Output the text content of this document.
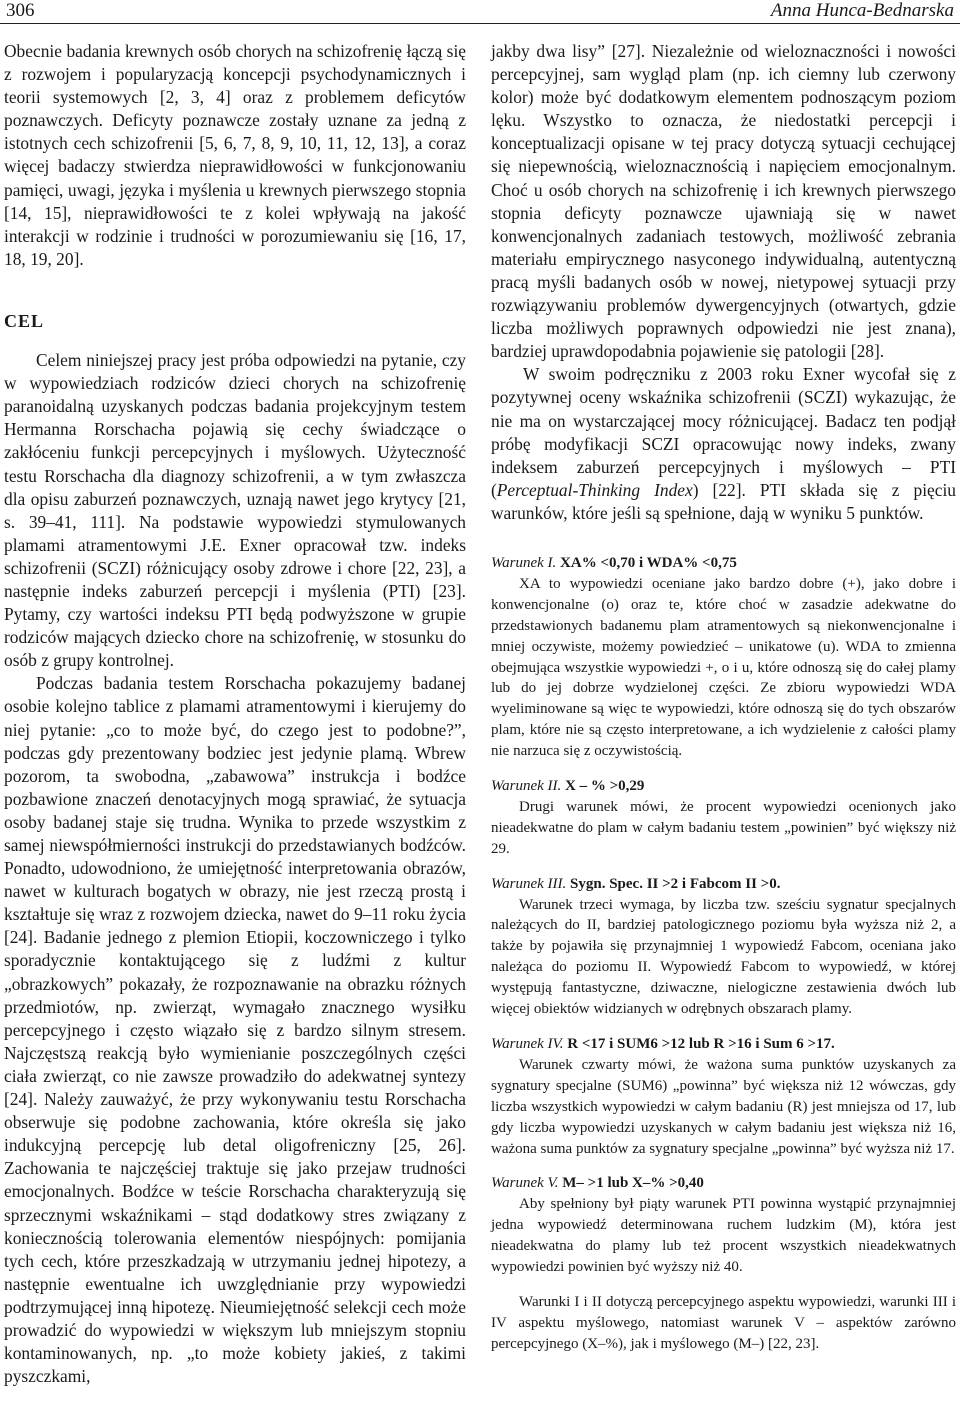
306	Anna Hunca-Bednarska

Obecnie badania krewnych osób chorych na schizofrenię łączą się z rozwojem i popularyzacją koncepcji psychodynamicznych i teorii systemowych [2, 3, 4] oraz z problemem deficytów poznawczych. Deficyty poznawcze zostały uznane za jedną z istotnych cech schizofrenii [5, 6, 7, 8, 9, 10, 11, 12, 13], a coraz więcej badaczy stwierdza nieprawidłowości w funkcjonowaniu pamięci, uwagi, języka i myślenia u krewnych pierwszego stopnia [14, 15], nieprawidłowości te z kolei wpływają na jakość interakcji w rodzinie i trudności w porozumiewaniu się [16, 17, 18, 19, 20].

CEL

Celem niniejszej pracy jest próba odpowiedzi na pytanie, czy w wypowiedziach rodziców dzieci chorych na schizofrenię paranoidalną uzyskanych podczas badania projekcyjnym testem Hermanna Rorschacha pojawią się cechy świadczące o zakłóceniu funkcji percepcyjnych i myślowych. Użyteczność testu Rorschacha dla diagnozy schizofrenii, a w tym zwłaszcza dla opisu zaburzeń poznawczych, uznają nawet jego krytycy [21, s. 39–41, 111]. Na podstawie wypowiedzi stymulowanych plamami atramentowymi J.E. Exner opracował tzw. indeks schizofrenii (SCZI) różnicujący osoby zdrowe i chore [22, 23], a następnie indeks zaburzeń percepcji i myślenia (PTI) [23]. Pytamy, czy wartości indeksu PTI będą podwyższone w grupie rodziców mających dziecko chore na schizofrenię, w stosunku do osób z grupy kontrolnej.

Podczas badania testem Rorschacha pokazujemy badanej osobie kolejno tablice z plamami atramentowymi i kierujemy do niej pytanie: „co to może być, do czego jest to podobne?”, podczas gdy prezentowany bodziec jest jedynie plamą. Wbrew pozorom, ta swobodna, „zabawowa” instrukcja i bodźce pozbawione znaczeń denotacyjnych mogą sprawiać, że sytuacja osoby badanej staje się trudna. Wynika to przede wszystkim z samej niewspółmierności instrukcji do przedstawianych bodźców. Ponadto, udowodniono, że umiejętność interpretowania obrazów, nawet w kulturach bogatych w obrazy, nie jest rzeczą prostą i kształtuje się wraz z rozwojem dziecka, nawet do 9–11 roku życia [24]. Badanie jednego z plemion Etiopii, koczowniczego i tylko sporadycznie kontaktującego się z ludźmi z kultur „obrazkowych” pokazały, że rozpoznawanie na obrazku różnych przedmiotów, np. zwierząt, wymagało znacznego wysiłku percepcyjnego i często wiązało się z bardzo silnym stresem. Najczęstszą reakcją było wymienianie poszczególnych części ciała zwierząt, co nie zawsze prowadziło do adekwatnej syntezy [24]. Należy zauważyć, że przy wykonywaniu testu Rorschacha obserwuje się podobne zachowania, które określa się jako indukcyjną percepcję lub detal oligofreniczny [25, 26]. Zachowania te najczęściej traktuje się jako przejaw trudności emocjonalnych. Bodźce w teście Rorschacha charakteryzują się sprzecznymi wskaźnikami – stąd dodatkowy stres związany z koniecznością tolerowania elementów niespójnych: pomijania tych cech, które przeszkadzają w utrzymaniu jednej hipotezy, a następnie ewentualne ich uwzględnianie przy wypowiedzi podtrzymującej inną hipotezę. Nieumiejętność selekcji cech może prowadzić do wypowiedzi w większym lub mniejszym stopniu kontaminowanych, np. „to może kobiety jakieś, z takimi pyszczkami,

jakby dwa lisy” [27]. Niezależnie od wieloznaczności i nowości percepcyjnej, sam wygląd plam (np. ich ciemny lub czerwony kolor) może być dodatkowym elementem podnoszącym poziom lęku. Wszystko to oznacza, że niedostatki percepcji i konceptualizacji opisane w tej pracy dotyczą sytuacji cechującej się niepewnością, wieloznacznością i napięciem emocjonalnym. Choć u osób chorych na schizofrenię i ich krewnych pierwszego stopnia deficyty poznawcze ujawniają się w nawet konwencjonalnych zadaniach testowych, możliwość zebrania materiału empirycznego nasyconego indywidualną, autentyczną pracą myśli badanych osób w nowej, nietypowej sytuacji przy rozwiązywaniu problemów dywergencyjnych (otwartych, gdzie liczba możliwych poprawnych odpowiedzi nie jest znana), bardziej uprawdopodabnia pojawienie się patologii [28].

W swoim podręczniku z 2003 roku Exner wycofał się z pozytywnej oceny wskaźnika schizofrenii (SCZI) wykazując, że nie ma on wystarczającej mocy różnicującej. Badacz ten podjął próbę modyfikacji SCZI opracowując nowy indeks, zwany indeksem zaburzeń percepcyjnych i myślowych – PTI (Perceptual-Thinking Index) [22]. PTI składa się z pięciu warunków, które jeśli są spełnione, dają w wyniku 5 punktów.

Warunek I. XA% <0,70 i WDA% <0,75

XA to wypowiedzi oceniane jako bardzo dobre (+), jako dobre i konwencjonalne (o) oraz te, które choć w zasadzie adekwatne do przedstawionych badanemu plam atramentowych są niekonwencjonalne i mniej oczywiste, możemy powiedzieć – unikatowe (u). WDA to zmienna obejmująca wszystkie wypowiedzi +, o i u, które odnoszą się do całej plamy lub do jej dobrze wydzielonej części. Ze zbioru wypowiedzi WDA wyeliminowane są więc te wypowiedzi, które odnoszą się do tych obszarów plam, które nie są często interpretowane, a ich wydzielenie z całości plamy nie narzuca się z oczywistością.

Warunek II. X – % >0,29

Drugi warunek mówi, że procent wypowiedzi ocenionych jako nieadekwatne do plam w całym badaniu testem „powinien” być większy niż 29.

Warunek III. Sygn. Spec. II >2 i Fabcom II >0.

Warunek trzeci wymaga, by liczba tzw. sześciu sygnatur specjalnych należących do II, bardziej patologicznego poziomu była wyższa niż 2, a także by pojawiła się przynajmniej 1 wypowiedź Fabcom, oceniana jako należąca do poziomu II. Wypowiedź Fabcom to wypowiedź, w której występują fantastyczne, dziwaczne, nielogiczne zestawienia dwóch lub więcej obiektów widzianych w odrębnych obszarach plamy.

Warunek IV. R <17 i SUM6 >12 lub R >16 i Sum 6 >17.

Warunek czwarty mówi, że ważona suma punktów uzyskanych za sygnatury specjalne (SUM6) „powinna” być większa niż 12 wówczas, gdy liczba wszystkich wypowiedzi w całym badaniu (R) jest mniejsza od 17, lub gdy liczba wypowiedzi uzyskanych w całym badaniu jest większa niż 16, ważona suma punktów za sygnatury specjalne „powinna” być wyższa niż 17.

Warunek V. M– >1 lub X–% >0,40

Aby spełniony był piąty warunek PTI powinna wystąpić przynajmniej jedna wypowiedź determinowana ruchem ludzkim (M), która jest nieadekwatna do plamy lub też procent wszystkich nieadekwatnych wypowiedzi powinien być wyższy niż 40.

Warunki I i II dotyczą percepcyjnego aspektu wypowiedzi, warunki III i IV aspektu myślowego, natomiast warunek V – aspektów zarówno percepcyjnego (X–%), jak i myślowego (M–) [22, 23].
